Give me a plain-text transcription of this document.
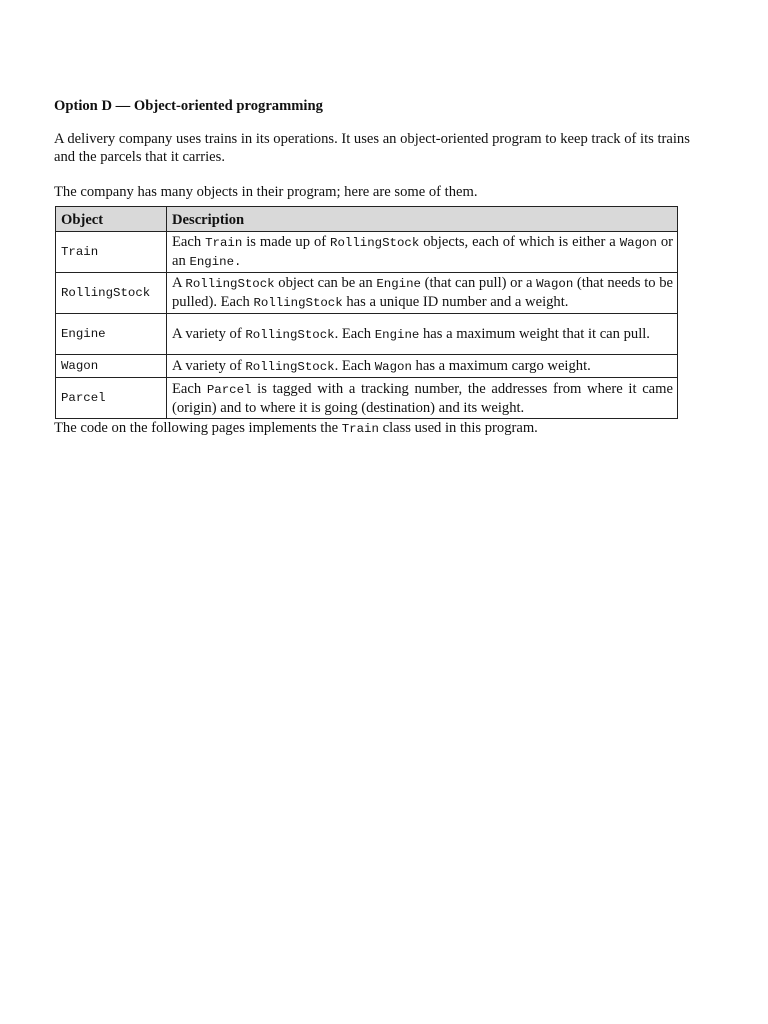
Option D — Object-oriented programming

A delivery company uses trains in its operations. It uses an object-oriented program to keep track of its trains and the parcels that it carries.

The company has many objects in their program; here are some of them.

Object	Description
Train	Each Train is made up of RollingStock objects, each of which is either a Wagon or an Engine.
RollingStock	A RollingStock object can be an Engine (that can pull) or a Wagon (that needs to be pulled). Each RollingStock has a unique ID number and a weight.
Engine	A variety of RollingStock. Each Engine has a maximum weight that it can pull.
Wagon	A variety of RollingStock. Each Wagon has a maximum cargo weight.
Parcel	Each Parcel is tagged with a tracking number, the addresses from where it came (origin) and to where it is going (destination) and its weight.

The code on the following pages implements the Train class used in this program.
